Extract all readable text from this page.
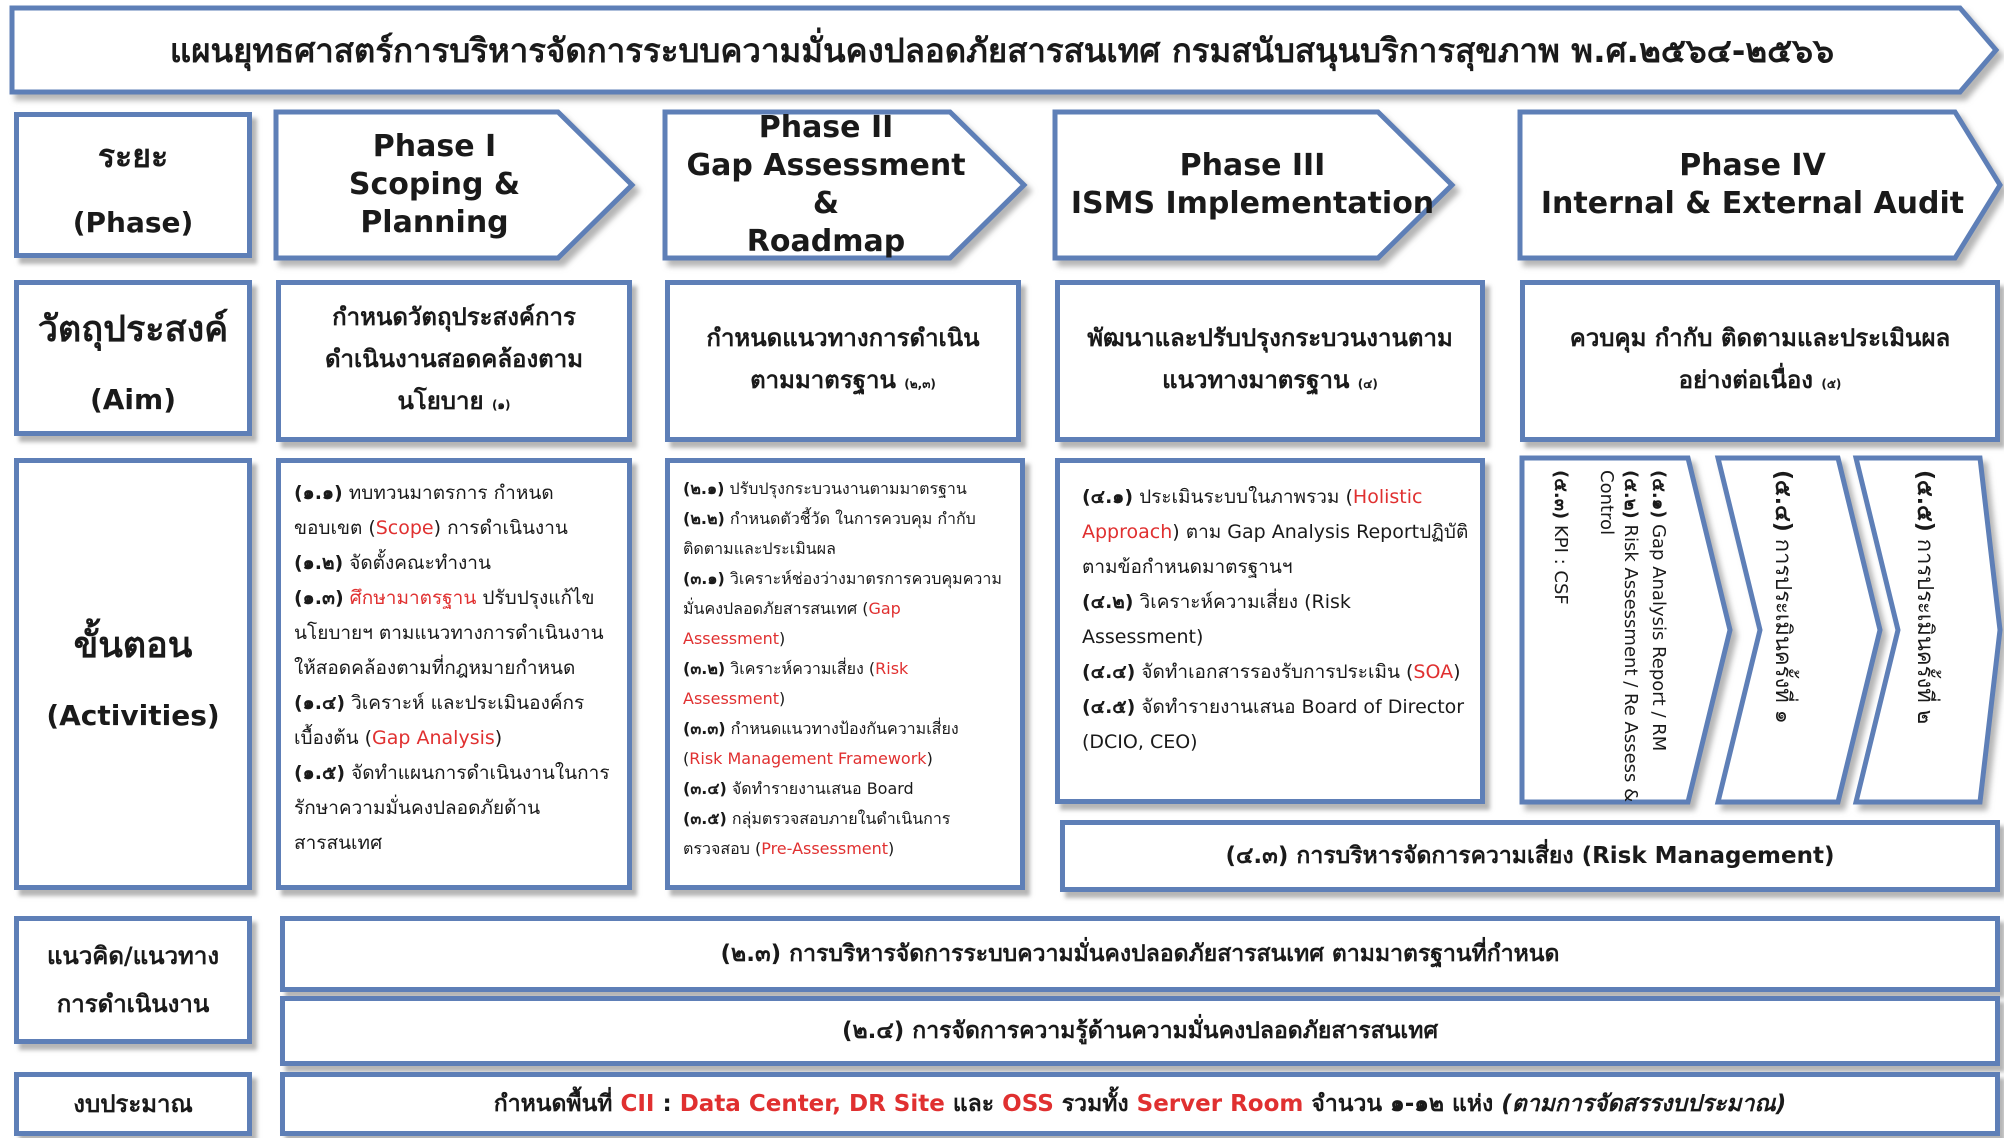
แผนยุทธศาสตร์การบริหารจัดการระบบความมั่นคงปลอดภัยสารสนเทศ กรมสนับสนุนบริการสุขภาพ พ.ศ.๒๕๖๔-๒๕๖๖
ระยะ
(Phase)
Phase I
Scoping & Planning
Phase II
Gap Assessment &
Roadmap
Phase III
ISMS Implementation
Phase IV
Internal & External Audit
วัตถุประสงค์
(Aim)
กำหนดวัตถุประสงค์การ
ดำเนินงานสอดคล้องตาม
นโยบาย (๑)
กำหนดแนวทางการดำเนิน
ตามมาตรฐาน (๒,๓)
พัฒนาและปรับปรุงกระบวนงานตาม
แนวทางมาตรฐาน (๔)
ควบคุม กำกับ ติดตามและประเมินผล
อย่างต่อเนื่อง (๕)
ขั้นตอน
(Activities)
(๑.๑) ทบทวนมาตรการ กำหนด
ขอบเขต (Scope) การดำเนินงาน
(๑.๒) จัดตั้งคณะทำงาน
(๑.๓) ศึกษามาตรฐาน ปรับปรุงแก้ไข
นโยบายฯ ตามแนวทางการดำเนินงาน
ให้สอดคล้องตามที่กฎหมายกำหนด
(๑.๔) วิเคราะห์ และประเมินองค์กร
เบื้องต้น (Gap Analysis)
(๑.๕) จัดทำแผนการดำเนินงานในการ
รักษาความมั่นคงปลอดภัยด้าน
สารสนเทศ
(๒.๑) ปรับปรุงกระบวนงานตามมาตรฐาน
(๒.๒) กำหนดตัวชี้วัด ในการควบคุม กำกับ
ติดตามและประเมินผล
(๓.๑) วิเคราะห์ช่องว่างมาตรการควบคุมความ
มั่นคงปลอดภัยสารสนเทศ (Gap
Assessment)
(๓.๒) วิเคราะห์ความเสี่ยง (Risk
Assessment)
(๓.๓) กำหนดแนวทางป้องกันความเสี่ยง
(Risk Management Framework)
(๓.๔) จัดทำรายงานเสนอ Board
(๓.๕) กลุ่มตรวจสอบภายในดำเนินการ
ตรวจสอบ (Pre-Assessment)
(๔.๑) ประเมินระบบในภาพรวม (Holistic
Approach) ตาม Gap Analysis Reportปฏิบัติ
ตามข้อกำหนดมาตรฐานฯ
(๔.๒) วิเคราะห์ความเสี่ยง (Risk Assessment)
(๔.๔) จัดทำเอกสารรองรับการประเมิน (SOA)
(๔.๕) จัดทำรายงานเสนอ Board of Director
(DCIO, CEO)
(๔.๓) การบริหารจัดการความเสี่ยง (Risk Management)
(๕.๑) Gap Analysis Report / RM
(๕.๒) Risk Assessment / Re Assess &
Control
(๕.๓) KPI : CSF
(๕.๔) การประเมินครั้งที่ ๑
(๕.๕) การประเมินครั้งที่ ๒
แนวคิด/แนวทาง
การดำเนินงาน
(๒.๓) การบริหารจัดการระบบความมั่นคงปลอดภัยสารสนเทศ ตามมาตรฐานที่กำหนด
(๒.๔) การจัดการความรู้ด้านความมั่นคงปลอดภัยสารสนเทศ
งบประมาณ	กำหนดพื้นที่ CII : Data Center, DR Site และ OSS รวมทั้ง Server Room จำนวน ๑-๑๒ แห่ง (ตามการจัดสรรงบประมาณ)
